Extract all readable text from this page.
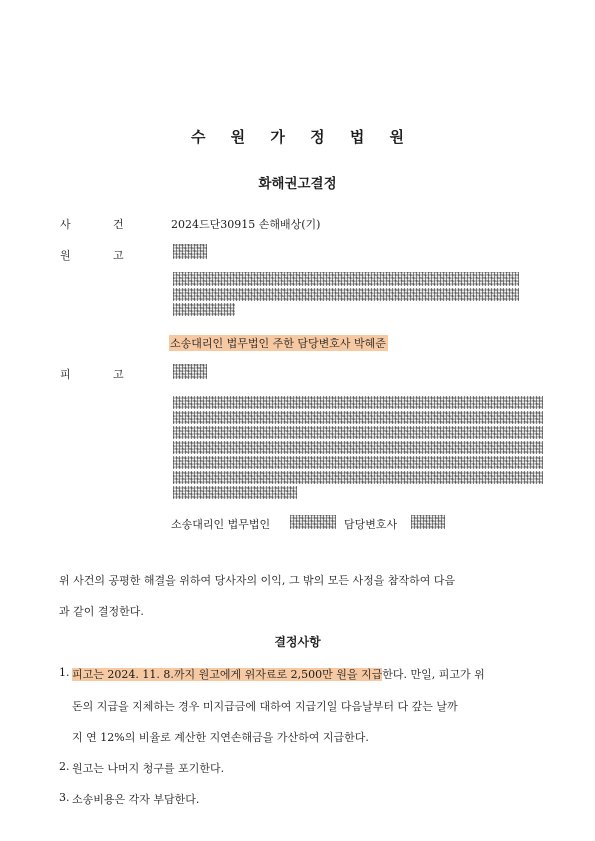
수 원 가 정 법 원
화해권고결정
사	건	2024드단30915 손해배상(기)
원	고
소송대리인 법무법인 주한 담당변호사 박혜준
피	고
소송대리인 법무법인	담당변호사
위 사건의 공평한 해결을 위하여 당사자의 이익, 그 밖의 모든 사정을 참작하여 다음
과 같이 결정한다.
결정사항
1. 피고는 2024. 11. 8.까지 원고에게 위자료로 2,500만 원을 지급한다. 만일, 피고가 위
돈의 지급을 지체하는 경우 미지급금에 대하여 지급기일 다음날부터 다 갚는 날까
지 연 12%의 비율로 계산한 지연손해금을 가산하여 지급한다.
2. 원고는 나머지 청구를 포기한다.
3. 소송비용은 각자 부담한다.
